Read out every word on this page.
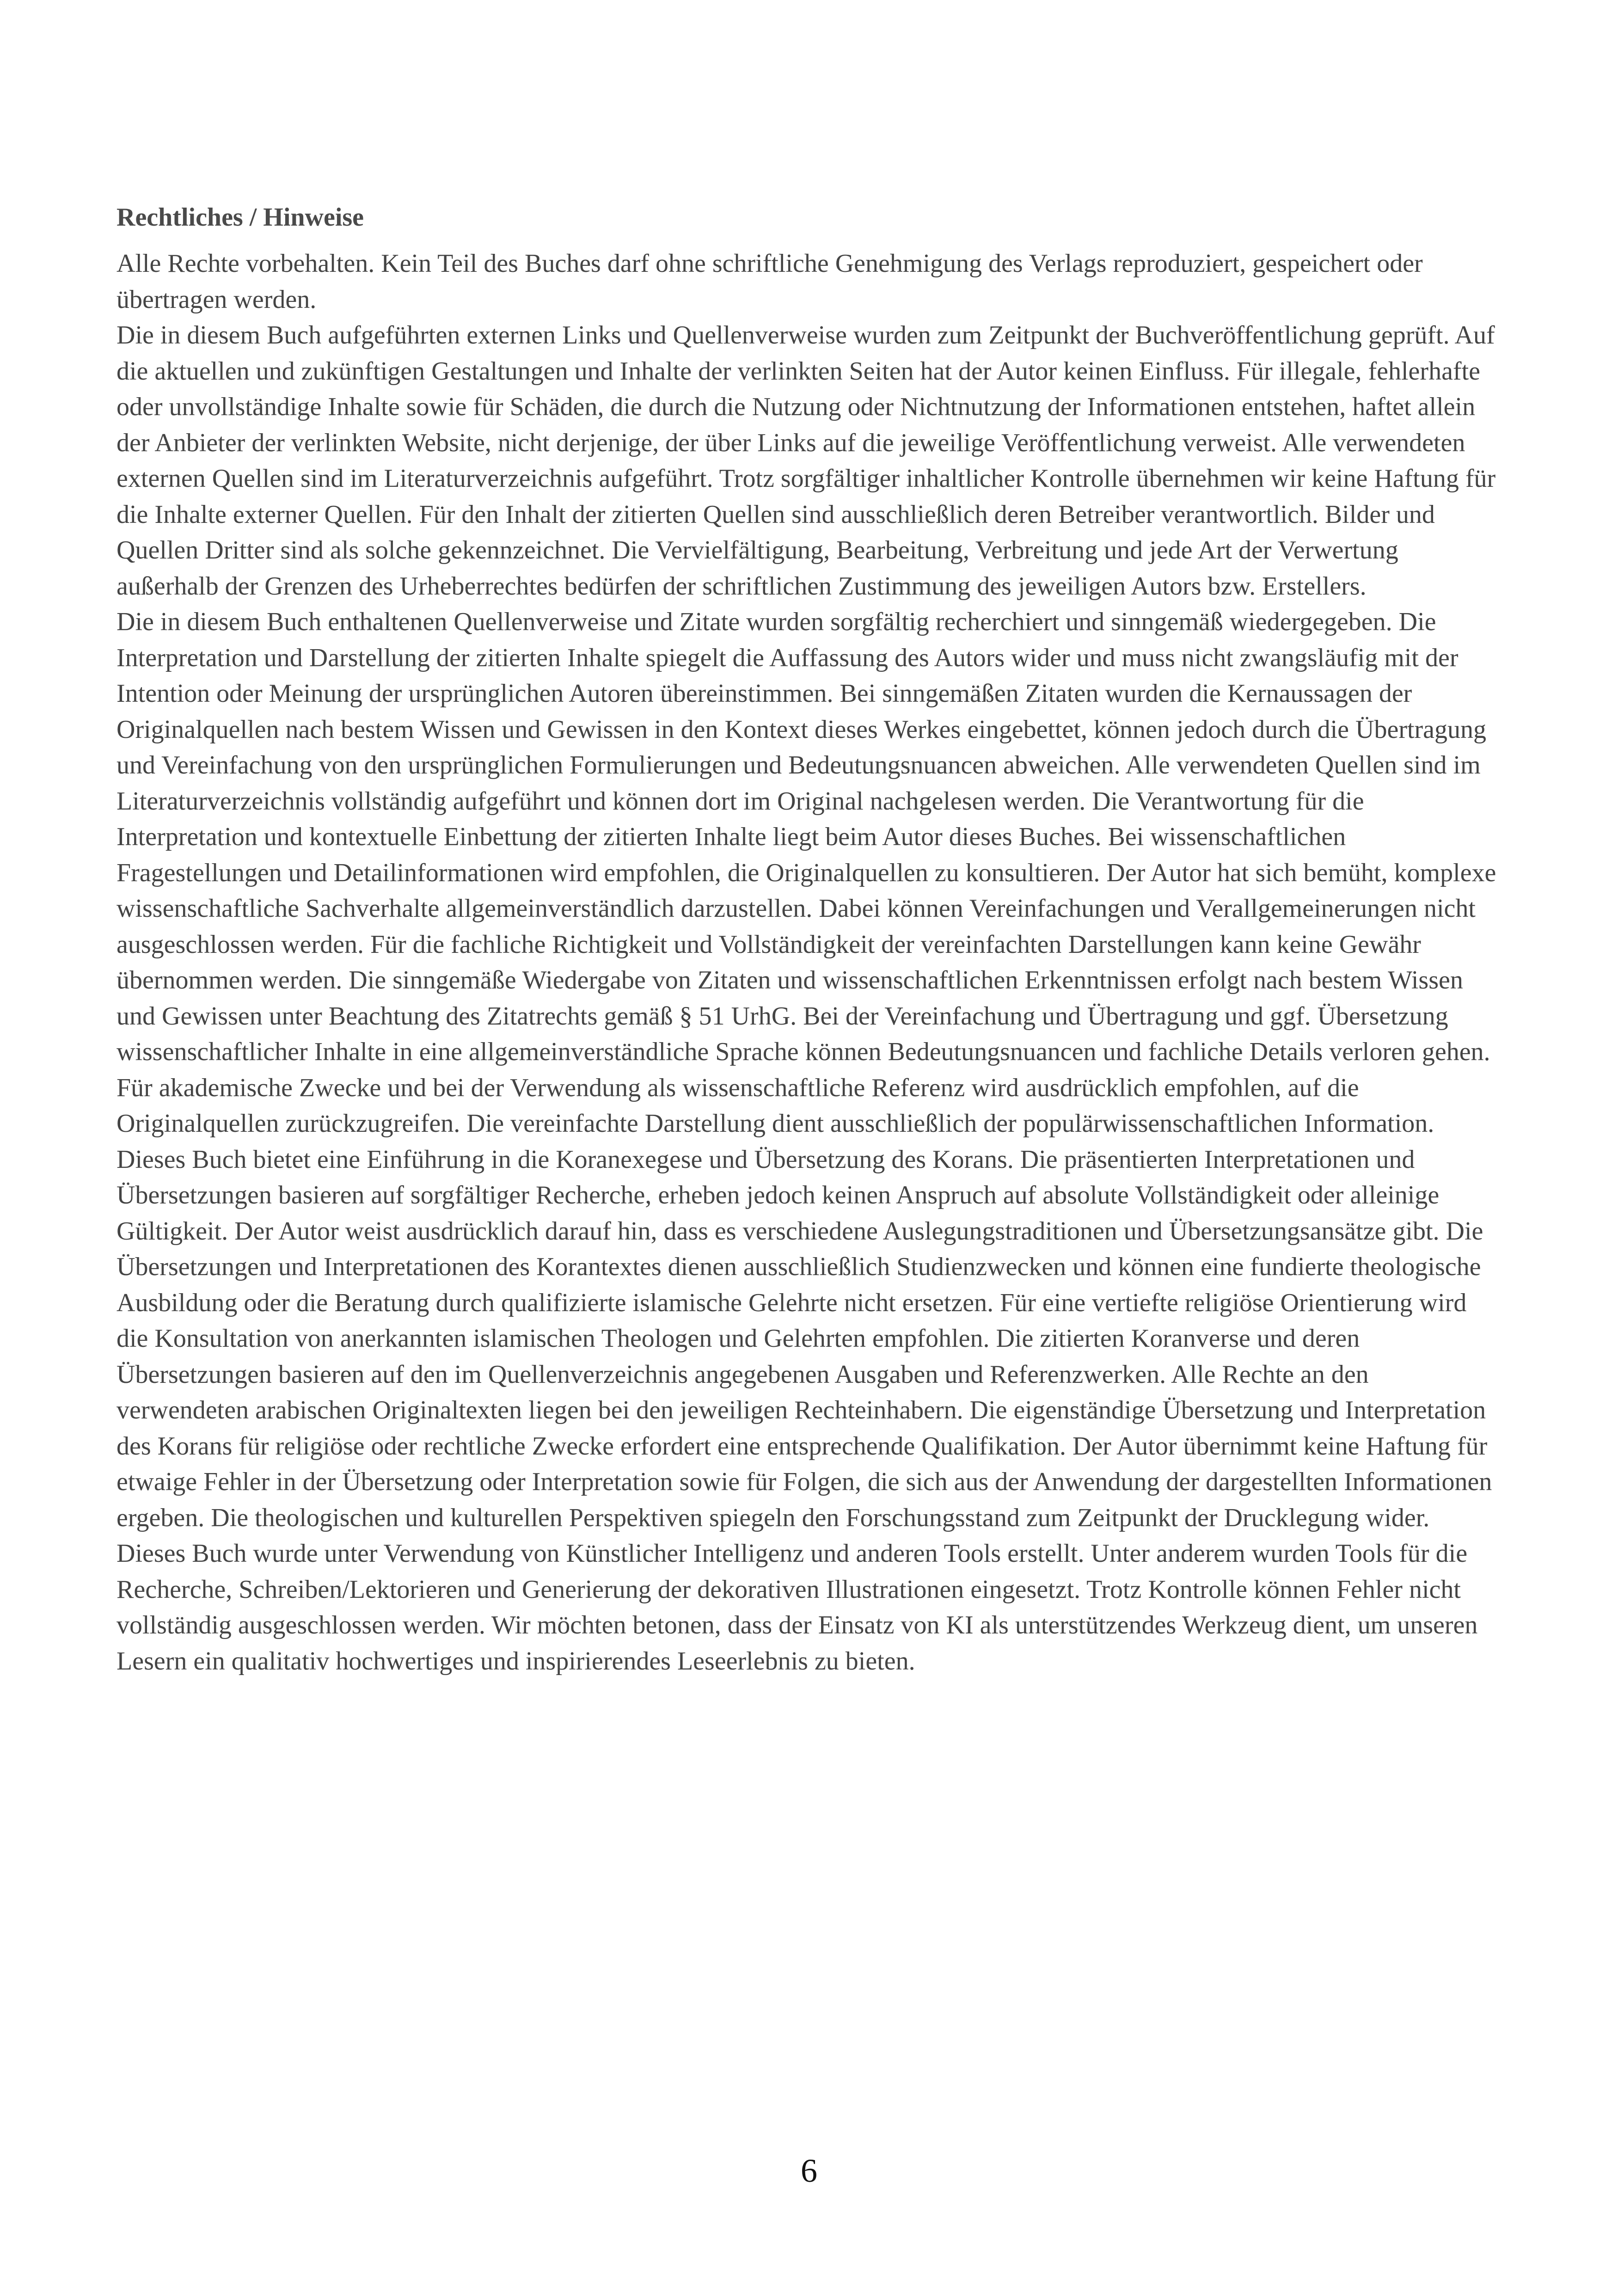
Rechtliches / Hinweise

Alle Rechte vorbehalten. Kein Teil des Buches darf ohne schriftliche Genehmigung des Verlags reproduziert, gespeichert oder übertragen werden.

Die in diesem Buch aufgeführten externen Links und Quellenverweise wurden zum Zeitpunkt der Buchveröffentlichung geprüft. Auf die aktuellen und zukünftigen Gestaltungen und Inhalte der verlinkten Seiten hat der Autor keinen Einfluss. Für illegale, fehlerhafte oder unvollständige Inhalte sowie für Schäden, die durch die Nutzung oder Nichtnutzung der Informationen entstehen, haftet allein der Anbieter der verlinkten Website, nicht derjenige, der über Links auf die jeweilige Veröffentlichung verweist. Alle verwendeten externen Quellen sind im Literaturverzeichnis aufgeführt. Trotz sorgfältiger inhaltlicher Kontrolle übernehmen wir keine Haftung für die Inhalte externer Quellen. Für den Inhalt der zitierten Quellen sind ausschließlich deren Betreiber verantwortlich. Bilder und Quellen Dritter sind als solche gekennzeichnet. Die Vervielfältigung, Bearbeitung, Verbreitung und jede Art der Verwertung außerhalb der Grenzen des Urheberrechtes bedürfen der schriftlichen Zustimmung des jeweiligen Autors bzw. Erstellers.

Die in diesem Buch enthaltenen Quellenverweise und Zitate wurden sorgfältig recherchiert und sinngemäß wiedergegeben. Die Interpretation und Darstellung der zitierten Inhalte spiegelt die Auffassung des Autors wider und muss nicht zwangsläufig mit der Intention oder Meinung der ursprünglichen Autoren übereinstimmen. Bei sinngemäßen Zitaten wurden die Kernaussagen der Originalquellen nach bestem Wissen und Gewissen in den Kontext dieses Werkes eingebettet, können jedoch durch die Übertragung und Vereinfachung von den ursprünglichen Formulierungen und Bedeutungsnuancen abweichen. Alle verwendeten Quellen sind im Literaturverzeichnis vollständig aufgeführt und können dort im Original nachgelesen werden. Die Verantwortung für die Interpretation und kontextuelle Einbettung der zitierten Inhalte liegt beim Autor dieses Buches. Bei wissenschaftlichen Fragestellungen und Detailinformationen wird empfohlen, die Originalquellen zu konsultieren. Der Autor hat sich bemüht, komplexe wissenschaftliche Sachverhalte allgemeinverständlich darzustellen. Dabei können Vereinfachungen und Verallgemeinerungen nicht ausgeschlossen werden. Für die fachliche Richtigkeit und Vollständigkeit der vereinfachten Darstellungen kann keine Gewähr übernommen werden. Die sinngemäße Wiedergabe von Zitaten und wissenschaftlichen Erkenntnissen erfolgt nach bestem Wissen und Gewissen unter Beachtung des Zitatrechts gemäß § 51 UrhG. Bei der Vereinfachung und Übertragung und ggf. Übersetzung wissenschaftlicher Inhalte in eine allgemeinverständliche Sprache können Bedeutungsnuancen und fachliche Details verloren gehen. Für akademische Zwecke und bei der Verwendung als wissenschaftliche Referenz wird ausdrücklich empfohlen, auf die Originalquellen zurückzugreifen. Die vereinfachte Darstellung dient ausschließlich der populärwissenschaftlichen Information.

Dieses Buch bietet eine Einführung in die Koranexegese und Übersetzung des Korans. Die präsentierten Interpretationen und Übersetzungen basieren auf sorgfältiger Recherche, erheben jedoch keinen Anspruch auf absolute Vollständigkeit oder alleinige Gültigkeit. Der Autor weist ausdrücklich darauf hin, dass es verschiedene Auslegungstraditionen und Übersetzungsansätze gibt. Die Übersetzungen und Interpretationen des Korantextes dienen ausschließlich Studienzwecken und können eine fundierte theologische Ausbildung oder die Beratung durch qualifizierte islamische Gelehrte nicht ersetzen. Für eine vertiefte religiöse Orientierung wird die Konsultation von anerkannten islamischen Theologen und Gelehrten empfohlen. Die zitierten Koranverse und deren Übersetzungen basieren auf den im Quellenverzeichnis angegebenen Ausgaben und Referenzwerken. Alle Rechte an den verwendeten arabischen Originaltexten liegen bei den jeweiligen Rechteinhabern. Die eigenständige Übersetzung und Interpretation des Korans für religiöse oder rechtliche Zwecke erfordert eine entsprechende Qualifikation. Der Autor übernimmt keine Haftung für etwaige Fehler in der Übersetzung oder Interpretation sowie für Folgen, die sich aus der Anwendung der dargestellten Informationen ergeben. Die theologischen und kulturellen Perspektiven spiegeln den Forschungsstand zum Zeitpunkt der Drucklegung wider.

Dieses Buch wurde unter Verwendung von Künstlicher Intelligenz und anderen Tools erstellt. Unter anderem wurden Tools für die Recherche, Schreiben/Lektorieren und Generierung der dekorativen Illustrationen eingesetzt. Trotz Kontrolle können Fehler nicht vollständig ausgeschlossen werden. Wir möchten betonen, dass der Einsatz von KI als unterstützendes Werkzeug dient, um unseren Lesern ein qualitativ hochwertiges und inspirierendes Leseerlebnis zu bieten.

6
